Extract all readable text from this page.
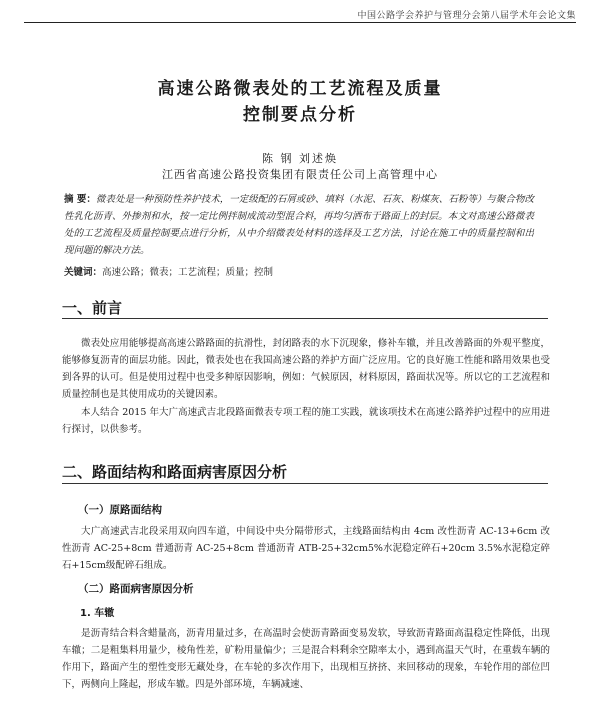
中国公路学会养护与管理分会第八届学术年会论文集
高速公路微表处的工艺流程及质量
控制要点分析
陈 钢 刘述焕
江西省高速公路投资集团有限责任公司上高管理中心
摘 要：微表处是一种预防性养护技术，一定级配的石屑或砂、填料（水泥、石灰、粉煤灰、石粉等）与聚合物改性乳化沥青、外掺剂和水，按一定比例拌制成流动型混合料，再均匀洒布于路面上的封层。本文对高速公路微表处的工艺流程及质量控制要点进行分析，从中介绍微表处材料的选择及工艺方法，讨论在施工中的质量控制和出现问题的解决方法。
关键词：高速公路；微表；工艺流程；质量；控制
一、前言

微表处应用能够提高高速公路路面的抗滑性，封闭路表的水下沉现象，修补车辙，并且改善路面的外观平整度，能够修复沥青的面层功能。因此，微表处也在我国高速公路的养护方面广泛应用。它的良好施工性能和路用效果也受到各界的认可。但是使用过程中也受多种原因影响，例如：气候原因，材料原因，路面状况等。所以它的工艺流程和质量控制也是其使用成功的关键因素。

本人结合 2015 年大广高速武吉北段路面微表专项工程的施工实践，就该项技术在高速公路养护过程中的应用进行探讨，以供参考。

二、路面结构和路面病害原因分析
（一）原路面结构

大广高速武吉北段采用双向四车道，中间设中央分隔带形式，主线路面结构由 4cm 改性沥青 AC-13+6cm 改性沥青 AC-25+8cm 普通沥青 AC-25+8cm 普通沥青 ATB-25+32cm5%水泥稳定碎石+20cm 3.5%水泥稳定碎石+15cm级配碎石组成。

（二）路面病害原因分析
1. 车辙

是沥青结合料含蜡量高，沥青用量过多，在高温时会使沥青路面变易发软，导致沥青路面高温稳定性降低，出现车辙；二是粗集料用量少，棱角性差，矿粉用量偏少；三是混合料剩余空隙率太小，遇到高温天气时，在重载车辆的作用下，路面产生的塑性变形无藏处身，在车轮的多次作用下，出现相互挤挤、来回移动的现象，车轮作用的部位凹下，两侧向上隆起，形成车辙。四是外部环境，车辆减速、
